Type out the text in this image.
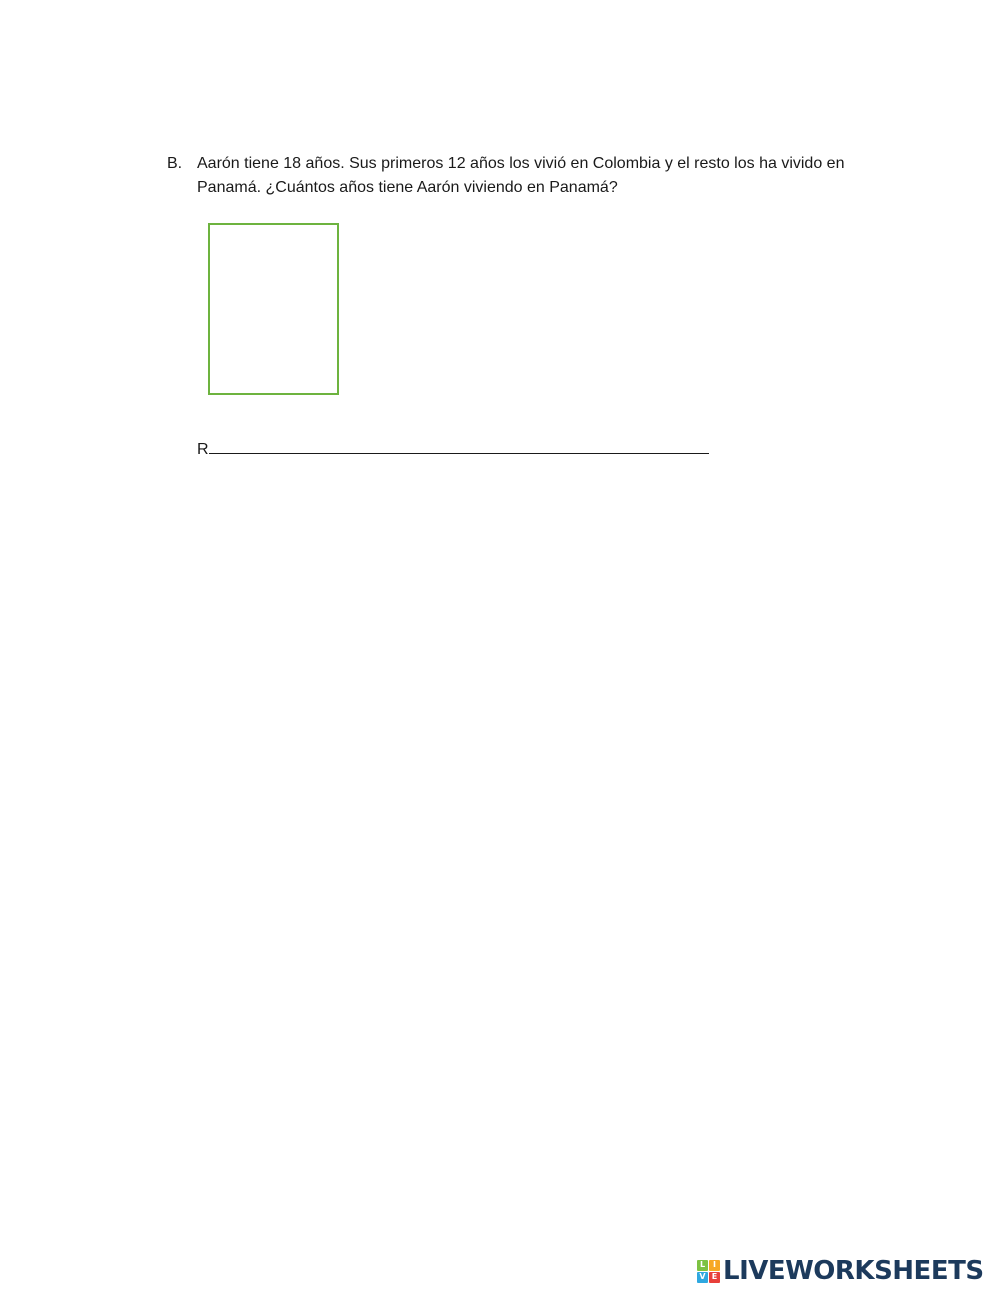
B. Aarón tiene 18 años. Sus primeros 12 años los vivió en Colombia y el resto los ha vivido en
Panamá. ¿Cuántos años tiene Aarón viviendo en Panamá?
R
L I
V E LIVEWORKSHEETS
